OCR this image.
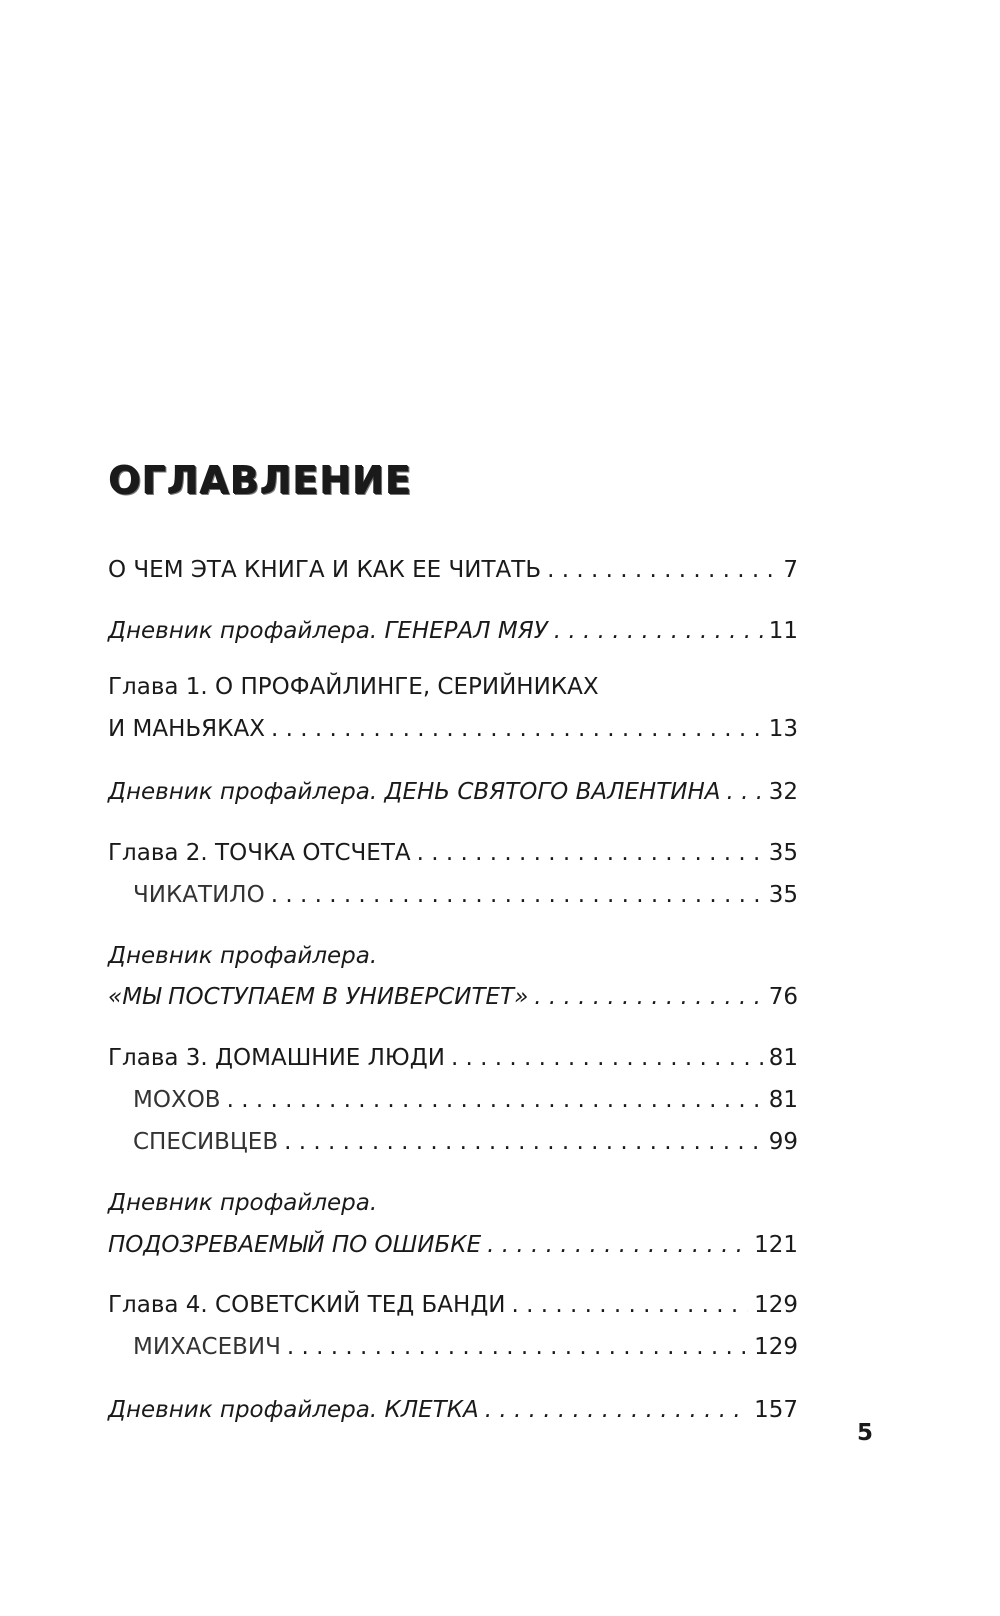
ОГЛАВЛЕНИЕ
О ЧЕМ ЭТА КНИГА И КАК ЕЕ ЧИТАТЬ . . .	7
Дневник профайлера. ГЕНЕРАЛ МЯУ . . .	11
Глава 1. О ПРОФАЙЛИНГЕ, СЕРИЙНИКАХ
И МАНЬЯКАХ . . .	13
Дневник профайлера. ДЕНЬ СВЯТОГО ВАЛЕНТИНА . . . 32
Глава 2. ТОЧКА ОТСЧЕТА . . .	35
ЧИКАТИЛО . . .	35
Дневник профайлера.
«МЫ ПОСТУПАЕМ В УНИВЕРСИТЕТ» . . .	76
Глава 3. ДОМАШНИЕ ЛЮДИ . . .	81
МОХОВ . . .	81
СПЕСИВЦЕВ . . .	99
Дневник профайлера.
ПОДОЗРЕВАЕМЫЙ ПО ОШИБКЕ . . .	121
Глава 4. СОВЕТСКИЙ ТЕД БАНДИ . . .	129
МИХАСЕВИЧ . . .	129
Дневник профайлера. КЛЕТКА . . .	157
5
